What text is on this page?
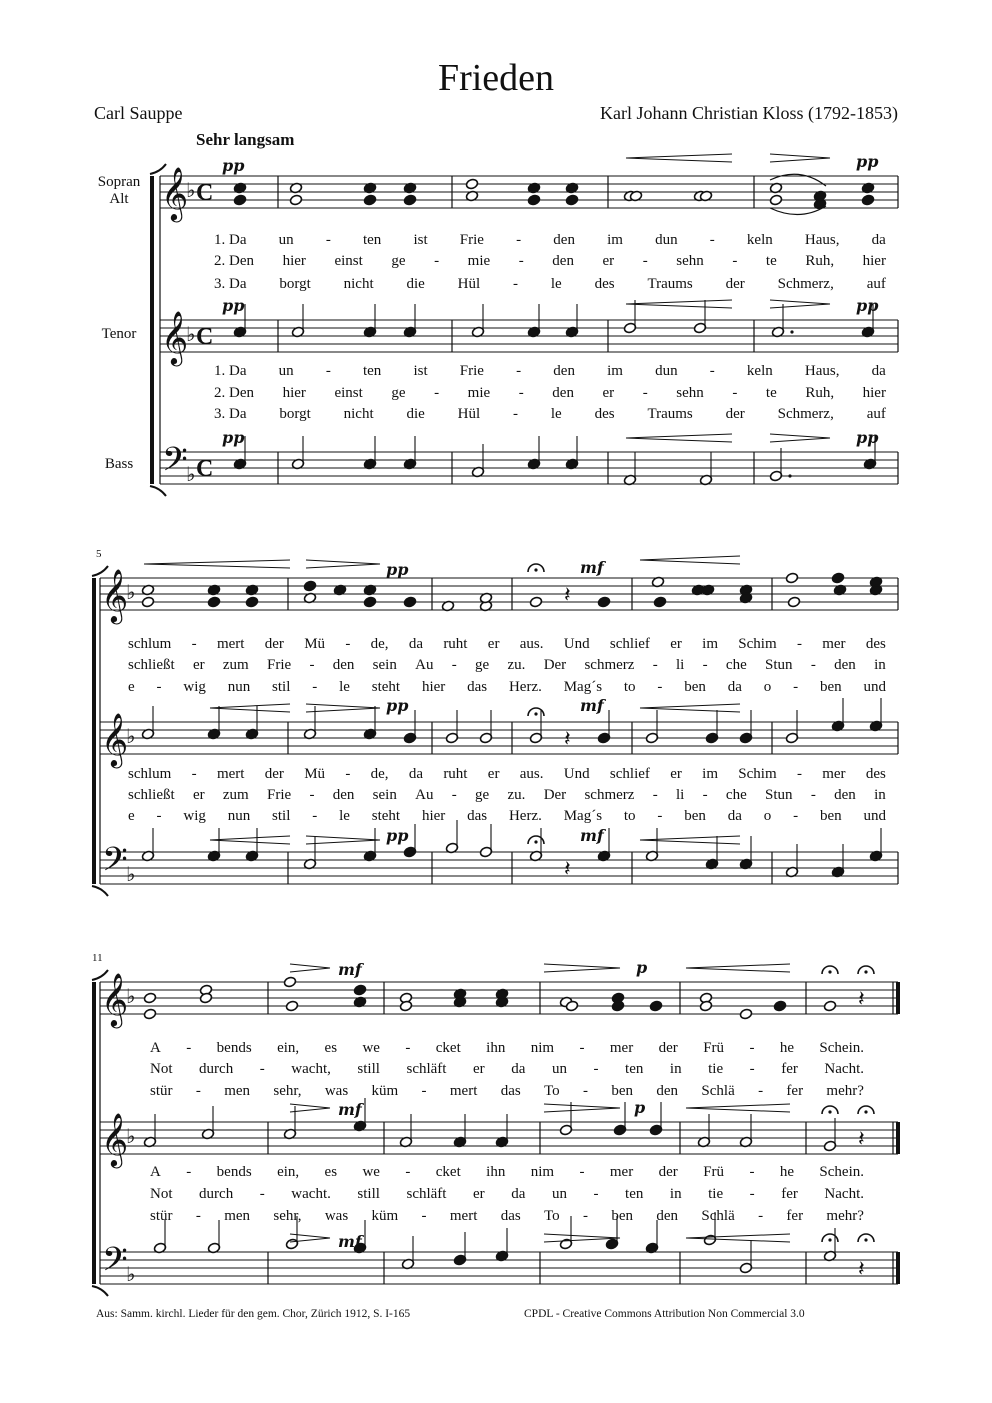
Frieden
Carl Sauppe	Karl Johann Christian Kloss (1792-1853)
Sehr langsam
Sopran
Alt
Tenor
Bass
5
11
𝄞
♭ C
𝄞
♭ C
𝄢
♭ C
𝄞
♭
𝄞
♭
𝄢
♭
𝄞
♭
𝄞
♭
𝄢
♭
𝄽
𝄽
𝄽
𝄽
𝄽
𝄽
pp	pp
pp	pp
pp	pp
pp	mf
pp	mf
pp	mf
mf	p
mf	p
mf
1. Da un - ten ist Frie - den im dun - keln Haus, da
2. Den hier einst ge - mie - den er - sehn - te Ruh, hier
3. Da borgt nicht die Hül - le des Traums der Schmerz, auf
1. Da un - ten ist Frie - den im dun - keln Haus, da
2. Den hier einst ge - mie - den er - sehn - te Ruh, hier
3. Da borgt nicht die Hül - le des Traums der Schmerz, auf
schlum - mert der Mü - de, da ruht er aus. Und schlief er im Schim - mer des
schließt er zum Frie - den sein Au - ge zu. Der schmerz - li - che Stun - den in
e - wig nun stil - le steht hier das Herz. Mag´s to - ben da o - ben und
schlum - mert der Mü - de, da ruht er aus. Und schlief er im Schim - mer des
schließt er zum Frie - den sein Au - ge zu. Der schmerz - li - che Stun - den in
e - wig nun stil - le steht hier das Herz. Mag´s to - ben da o - ben und
A - bends ein, es we - cket ihn nim - mer der Frü - he Schein.
Not durch - wacht, still schläft er da un - ten in tie - fer Nacht.
stür - men sehr, was küm - mert das To - ben den Schlä - fer mehr?
A - bends ein, es we - cket ihn nim - mer der Frü - he Schein.
Not durch - wacht. still schläft er da un - ten in tie - fer Nacht.
stür - men sehr, was küm - mert das To - ben den Schlä - fer mehr?
Aus: Samm. kirchl. Lieder für den gem. Chor, Zürich 1912, S. I-165	CPDL - Creative Commons Attribution Non Commercial 3.0
